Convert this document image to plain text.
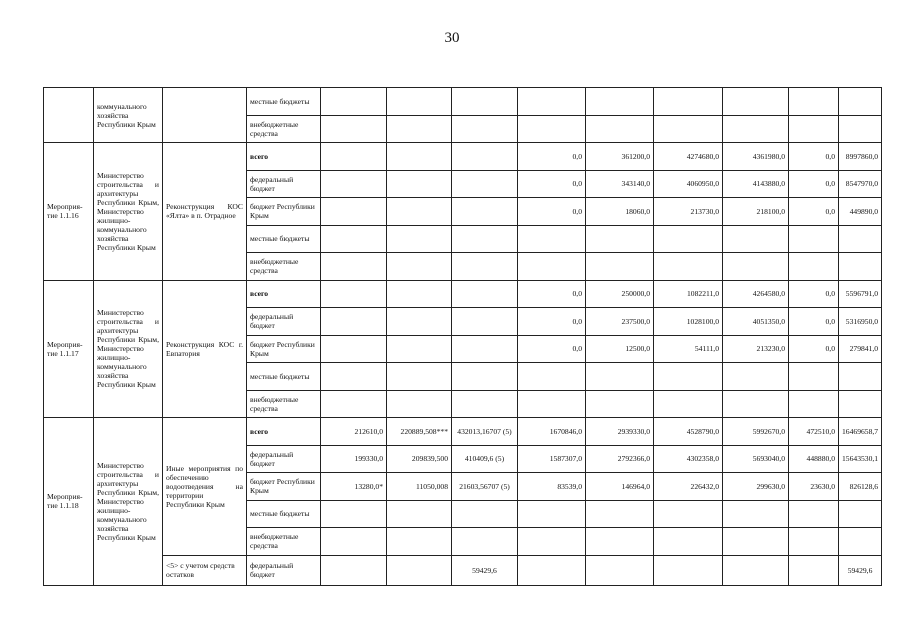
30
	коммунального хозяйства Республики Крым		местные бюджеты									
			внебюджетные средства									
Мероприя-тие 1.1.16	Министерство строительства и архитектуры Республики Крым, Министерство жилищно-коммунального хозяйства Республики Крым	Реконструкция КОС «Ялта» в п. Отрадное	всего				0,0	361200,0	4274680,0	4361980,0	0,0	8997860,0
			федеральный бюджет				0,0	343140,0	4060950,0	4143880,0	0,0	8547970,0
			бюджет Республики Крым				0,0	18060,0	213730,0	218100,0	0,0	449890,0
			местные бюджеты									
			внебюджетные средства									
Мероприя-тие 1.1.17	Министерство строительства и архитектуры Республики Крым, Министерство жилищно-коммунального хозяйства Республики Крым	Реконструкция КОС г. Евпатория	всего				0,0	250000,0	1082211,0	4264580,0	0,0	5596791,0
			федеральный бюджет				0,0	237500,0	1028100,0	4051350,0	0,0	5316950,0
			бюджет Республики Крым				0,0	12500,0	54111,0	213230,0	0,0	279841,0
			местные бюджеты									
			внебюджетные средства									
Мероприя-тие 1.1.18	Министерство строительства и архитектуры Республики Крым, Министерство жилищно-коммунального хозяйства Республики Крым	Иные мероприятия по обеспечению водоотведения на территории Республики Крым	всего	212610,0	220889,508***	432013,16707 (5)	1670846,0	2939330,0	4528790,0	5992670,0	472510,0	16469658,7
			федеральный бюджет	199330,0	209839,500	410409,6 (5)	1587307,0	2792366,0	4302358,0	5693040,0	448880,0	15643530,1
			бюджет Республики Крым	13280,0*	11050,008	21603,56707 (5)	83539,0	146964,0	226432,0	299630,0	23630,0	826128,6
			местные бюджеты									
			внебюджетные средства									
		<5> с учетом средств остатков	федеральный бюджет			59429,6						59429,6
